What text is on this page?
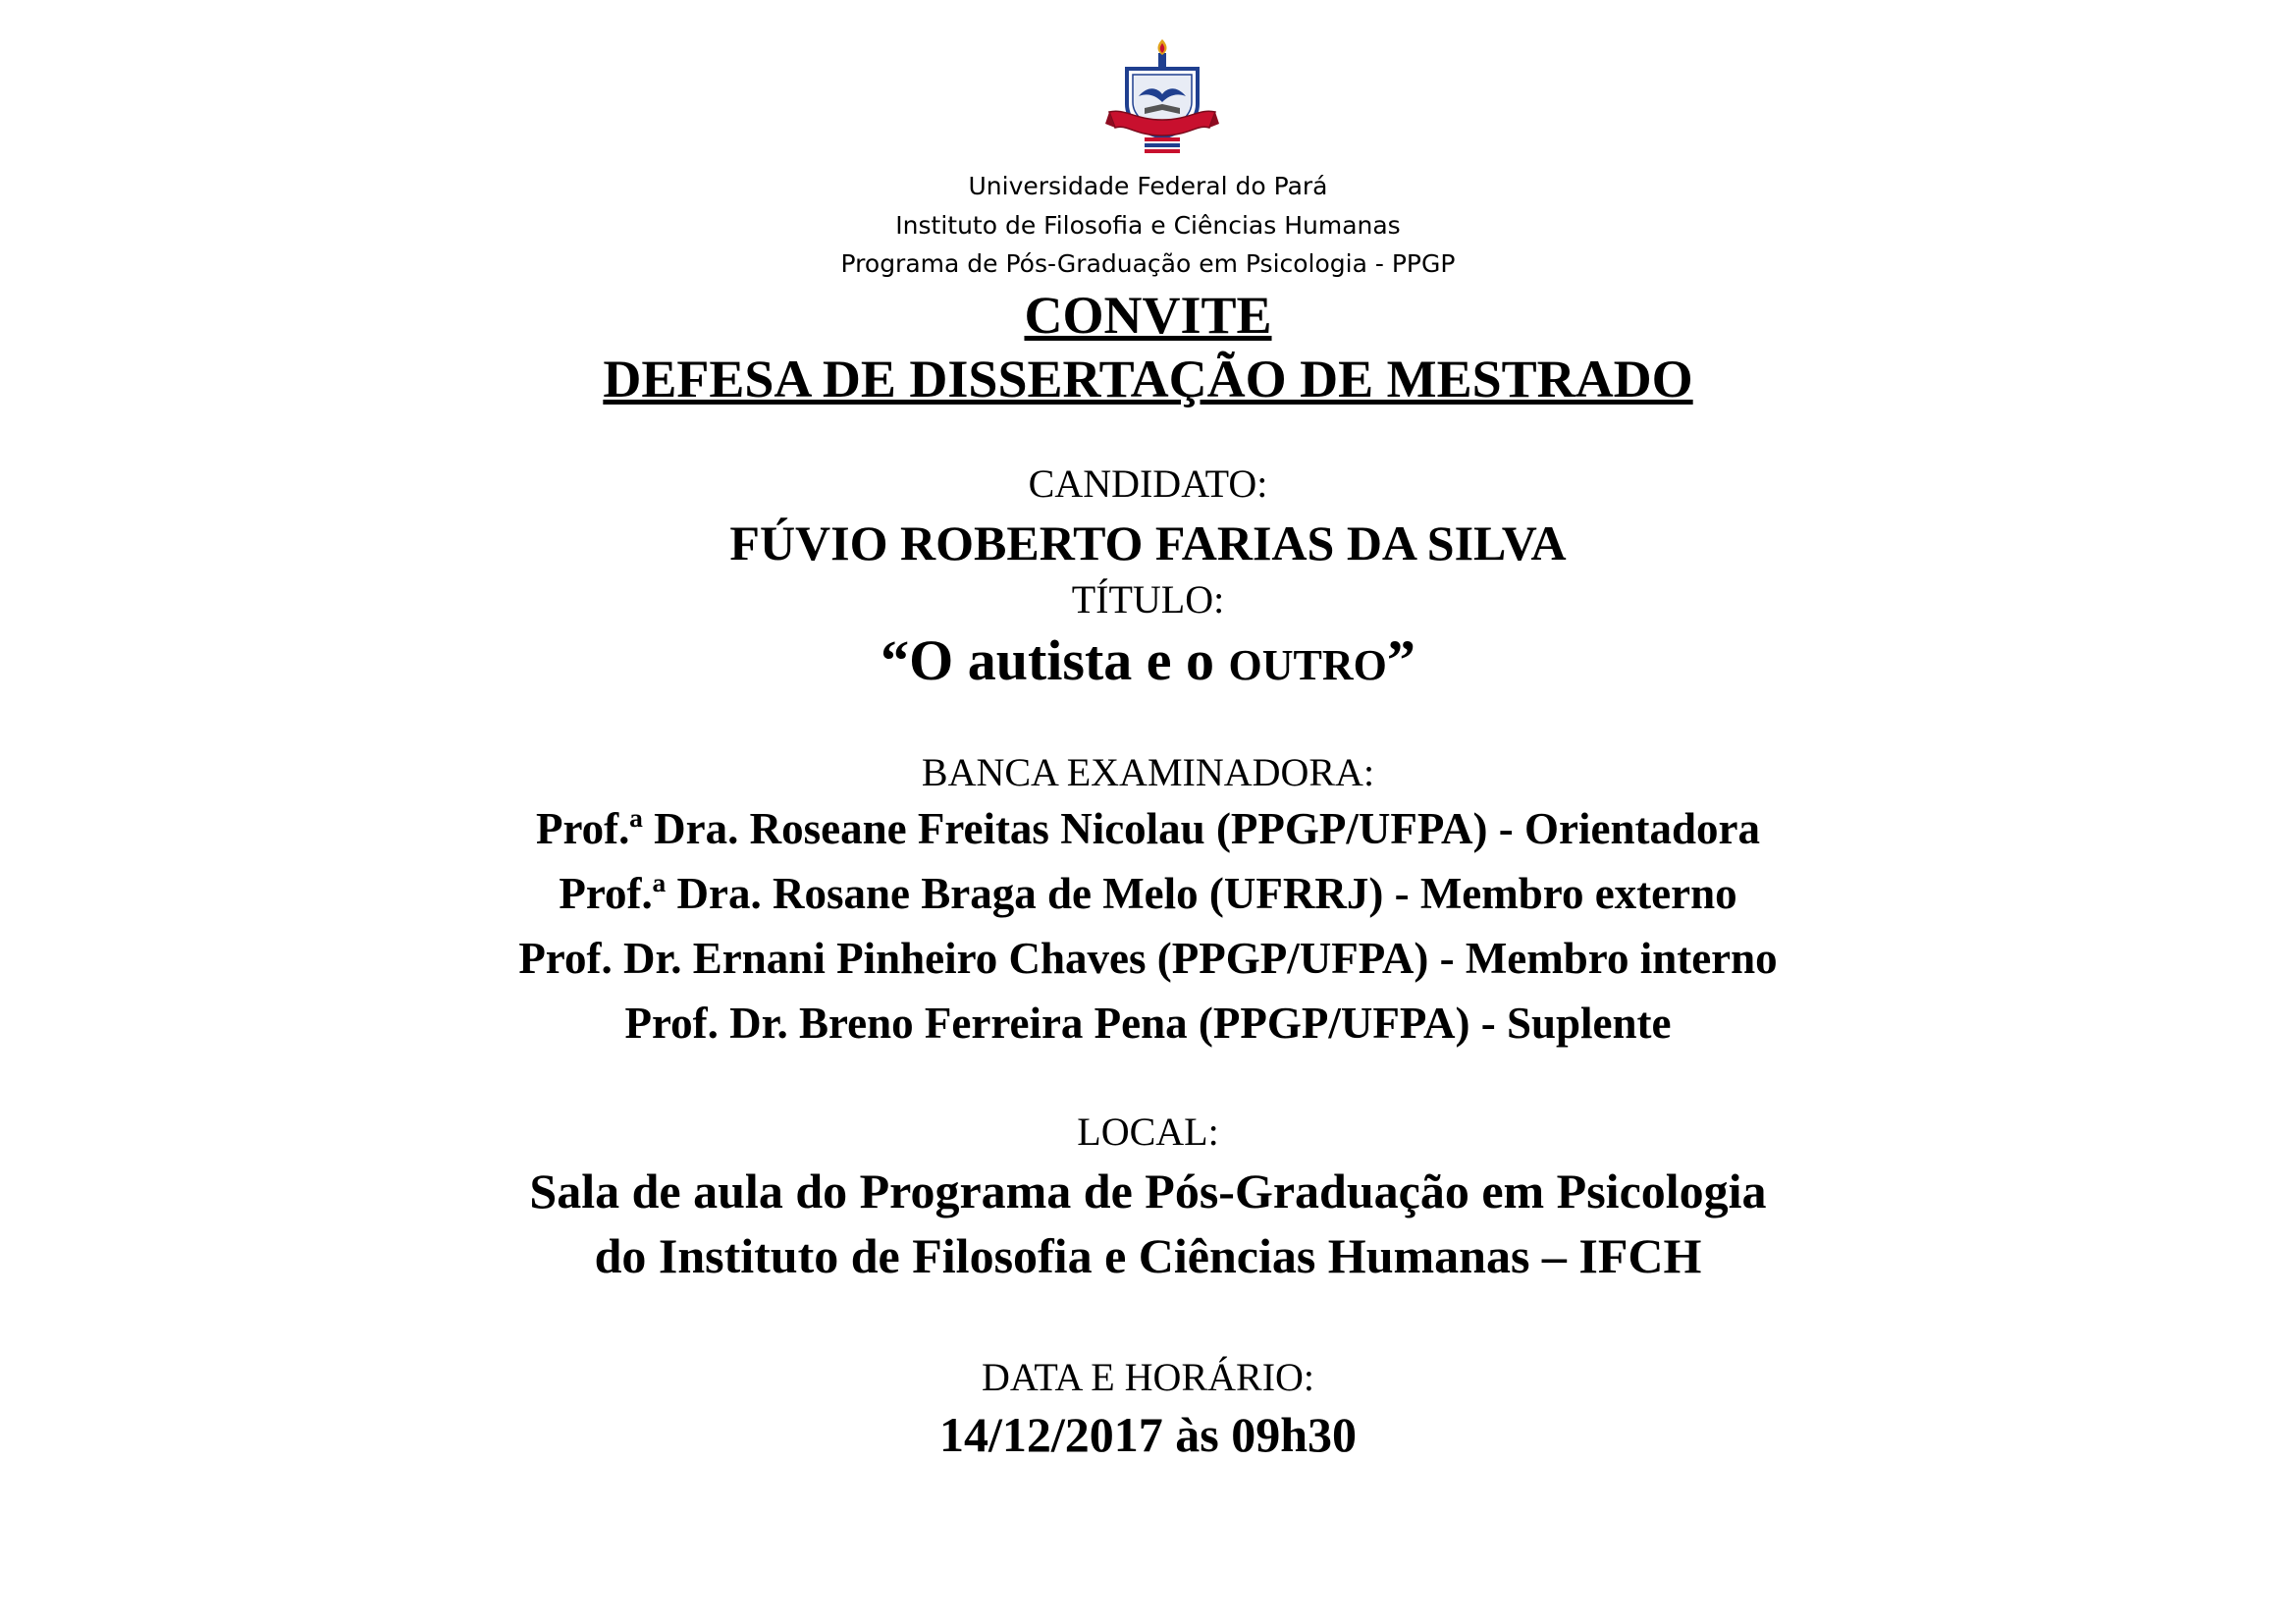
Universidade Federal do Pará
Instituto de Filosofia e Ciências Humanas
Programa de Pós-Graduação em Psicologia - PPGP
CONVITE
DEFESA DE DISSERTAÇÃO DE MESTRADO
CANDIDATO:
FÚVIO ROBERTO FARIAS DA SILVA
TÍTULO:
“O autista e o OUTRO”
BANCA EXAMINADORA:
Prof.ª Dra. Roseane Freitas Nicolau (PPGP/UFPA) - Orientadora
Prof.ª Dra. Rosane Braga de Melo (UFRRJ) - Membro externo
Prof. Dr. Ernani Pinheiro Chaves (PPGP/UFPA) - Membro interno
Prof. Dr. Breno Ferreira Pena (PPGP/UFPA) - Suplente
LOCAL:
Sala de aula do Programa de Pós-Graduação em Psicologia
do Instituto de Filosofia e Ciências Humanas – IFCH
DATA E HORÁRIO:
14/12/2017 às 09h30
